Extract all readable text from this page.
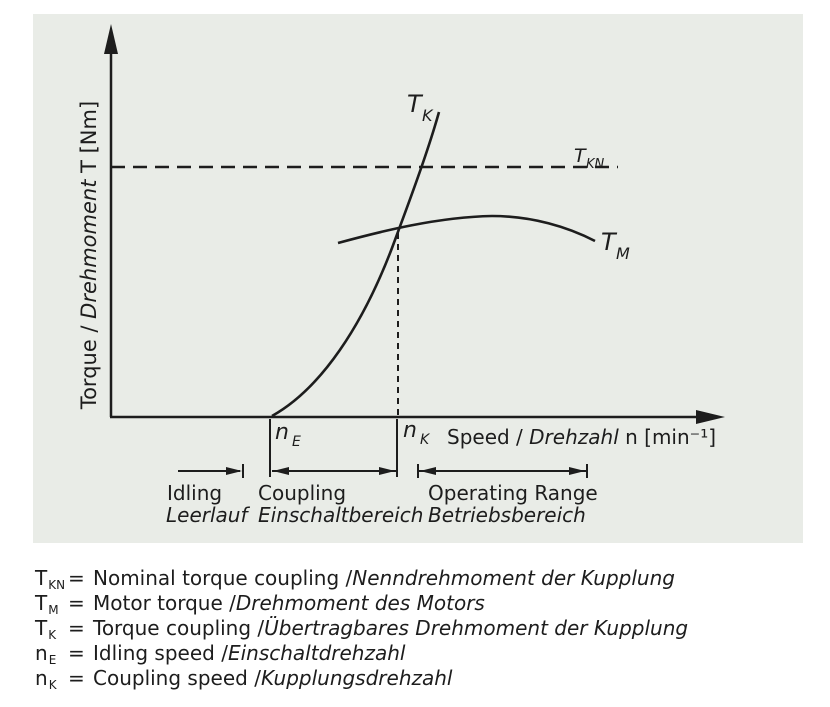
Torque / Drehmoment T [Nm]
Speed / Drehzahl n [min⁻¹]
T K
T KN
T M
n E	n K
Idling
Leerlauf
Coupling
Einschaltbereich
Operating Range
Betriebsbereich
$T_{KN}$ = Nominal torque coupling / Nenndrehmoment der Kupplung
$T_M$ = Motor torque / Drehmoment des Motors
$T_K$ = Torque coupling / Übertragbares Drehmoment der Kupplung
$n_E$ = Idling speed / Einschaltdrehzahl
$n_K$ = Coupling speed / Kupplungsdrehzahl
